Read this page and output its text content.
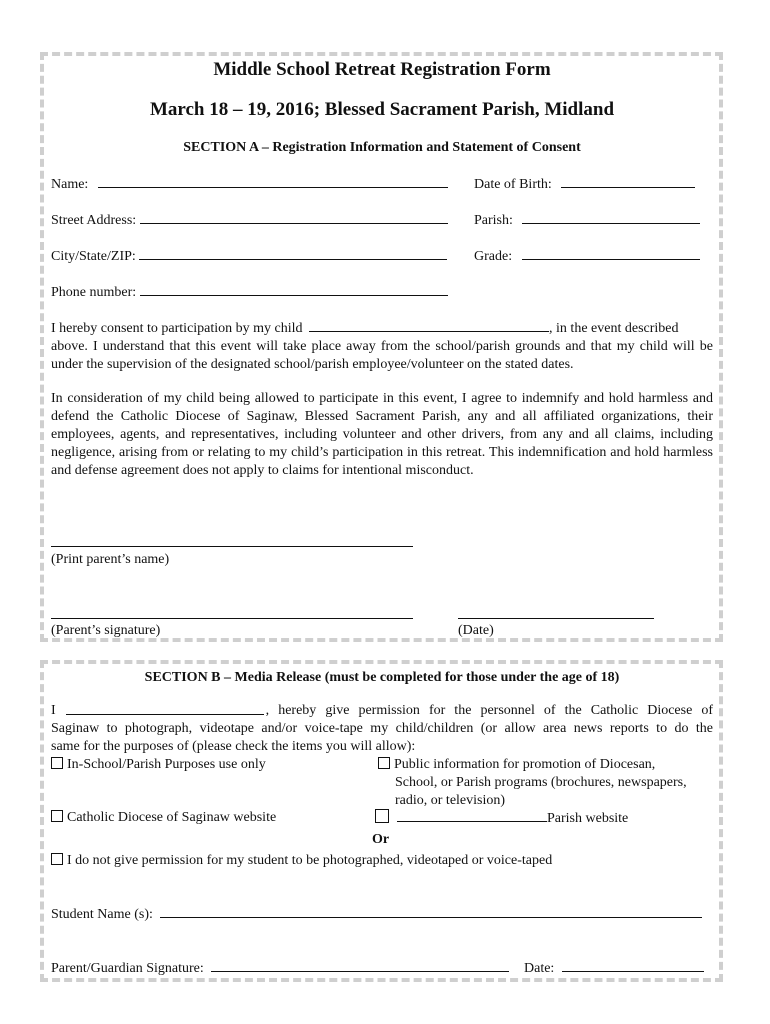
Middle School Retreat Registration Form
March 18 – 19, 2016; Blessed Sacrament Parish, Midland
SECTION A – Registration Information and Statement of Consent
Name:	Date of Birth:
Street Address:	Parish:
City/State/ZIP:	Grade:
Phone number:
I hereby consent to participation by my child	, in the event described
above. I understand that this event will take place away from the school/parish grounds and that my child will be under the supervision of the designated school/parish employee/volunteer on the stated dates.
In consideration of my child being allowed to participate in this event, I agree to indemnify and hold harmless and defend the Catholic Diocese of Saginaw, Blessed Sacrament Parish, any and all affiliated organizations, their employees, agents, and representatives, including volunteer and other drivers, from any and all claims, including negligence, arising from or relating to my child’s participation in this retreat. This indemnification and hold harmless and defense agreement does not apply to claims for intentional misconduct.
(Print parent’s name)
(Parent’s signature)	(Date)
SECTION B – Media Release (must be completed for those under the age of 18)
I	, hereby give permission for the personnel of the Catholic Diocese of
Saginaw to photograph, videotape and/or voice-tape my child/children (or allow area news reports to do the
same for the purposes of (please check the items you will allow):
In-School/Parish Purposes use only	Public information for promotion of Diocesan,
School, or Parish programs (brochures, newspapers,
radio, or television)
Catholic Diocese of Saginaw website	Parish website
Or
I do not give permission for my student to be photographed, videotaped or voice-taped
Student Name (s):
Parent/Guardian Signature:	Date:
